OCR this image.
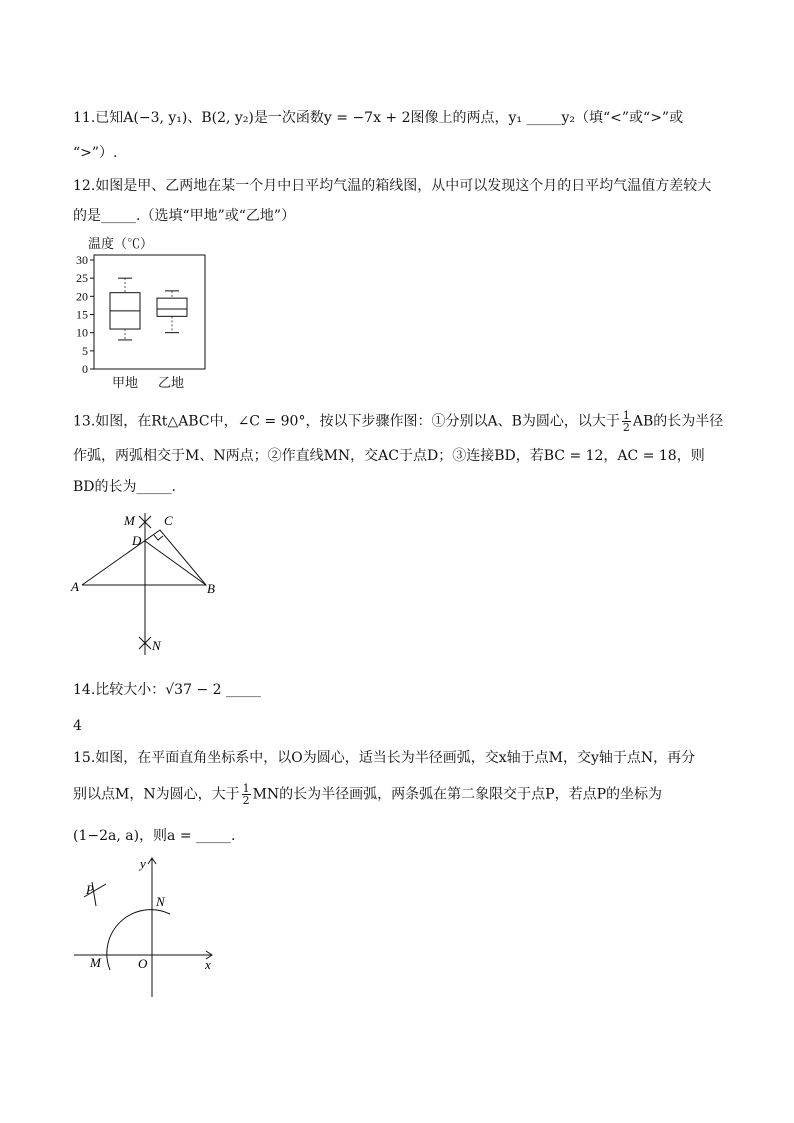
11.已知A(−3, y₁)、B(2, y₂)是一次函数y = −7x + 2图像上的两点，y₁ _____y₂（填“<”或“>”或
“>”）.
12.如图是甲、乙两地在某一个月中日平均气温的箱线图，从中可以发现这个月的日平均气温值方差较大
的是_____.（选填“甲地”或“乙地”）
温度（℃）
0
5
10
15
20
25
30
甲地 乙地
13.如图，在Rt△ABC中，∠C = 90°，按以下步骤作图：①分别以A、B为圆心，以大于 $\frac{1}{2}$ AB的长为半径
作弧，两弧相交于M、N两点；②作直线MN，交AC于点D；③连接BD，若BC = 12，AC = 18，则
BD的长为_____.
M C
D
A	B
N
14.比较大小：√37 − 2 _____
4
15.如图，在平面直角坐标系中，以O为圆心，适当长为半径画弧，交x轴于点M，交y轴于点N，再分
别以点M，N为圆心，大于 $\frac{1}{2}$ MN的长为半径画弧，两条弧在第二象限交于点P，若点P的坐标为
(1−2a, a)，则a = _____.
y
x
P
N
M	O
